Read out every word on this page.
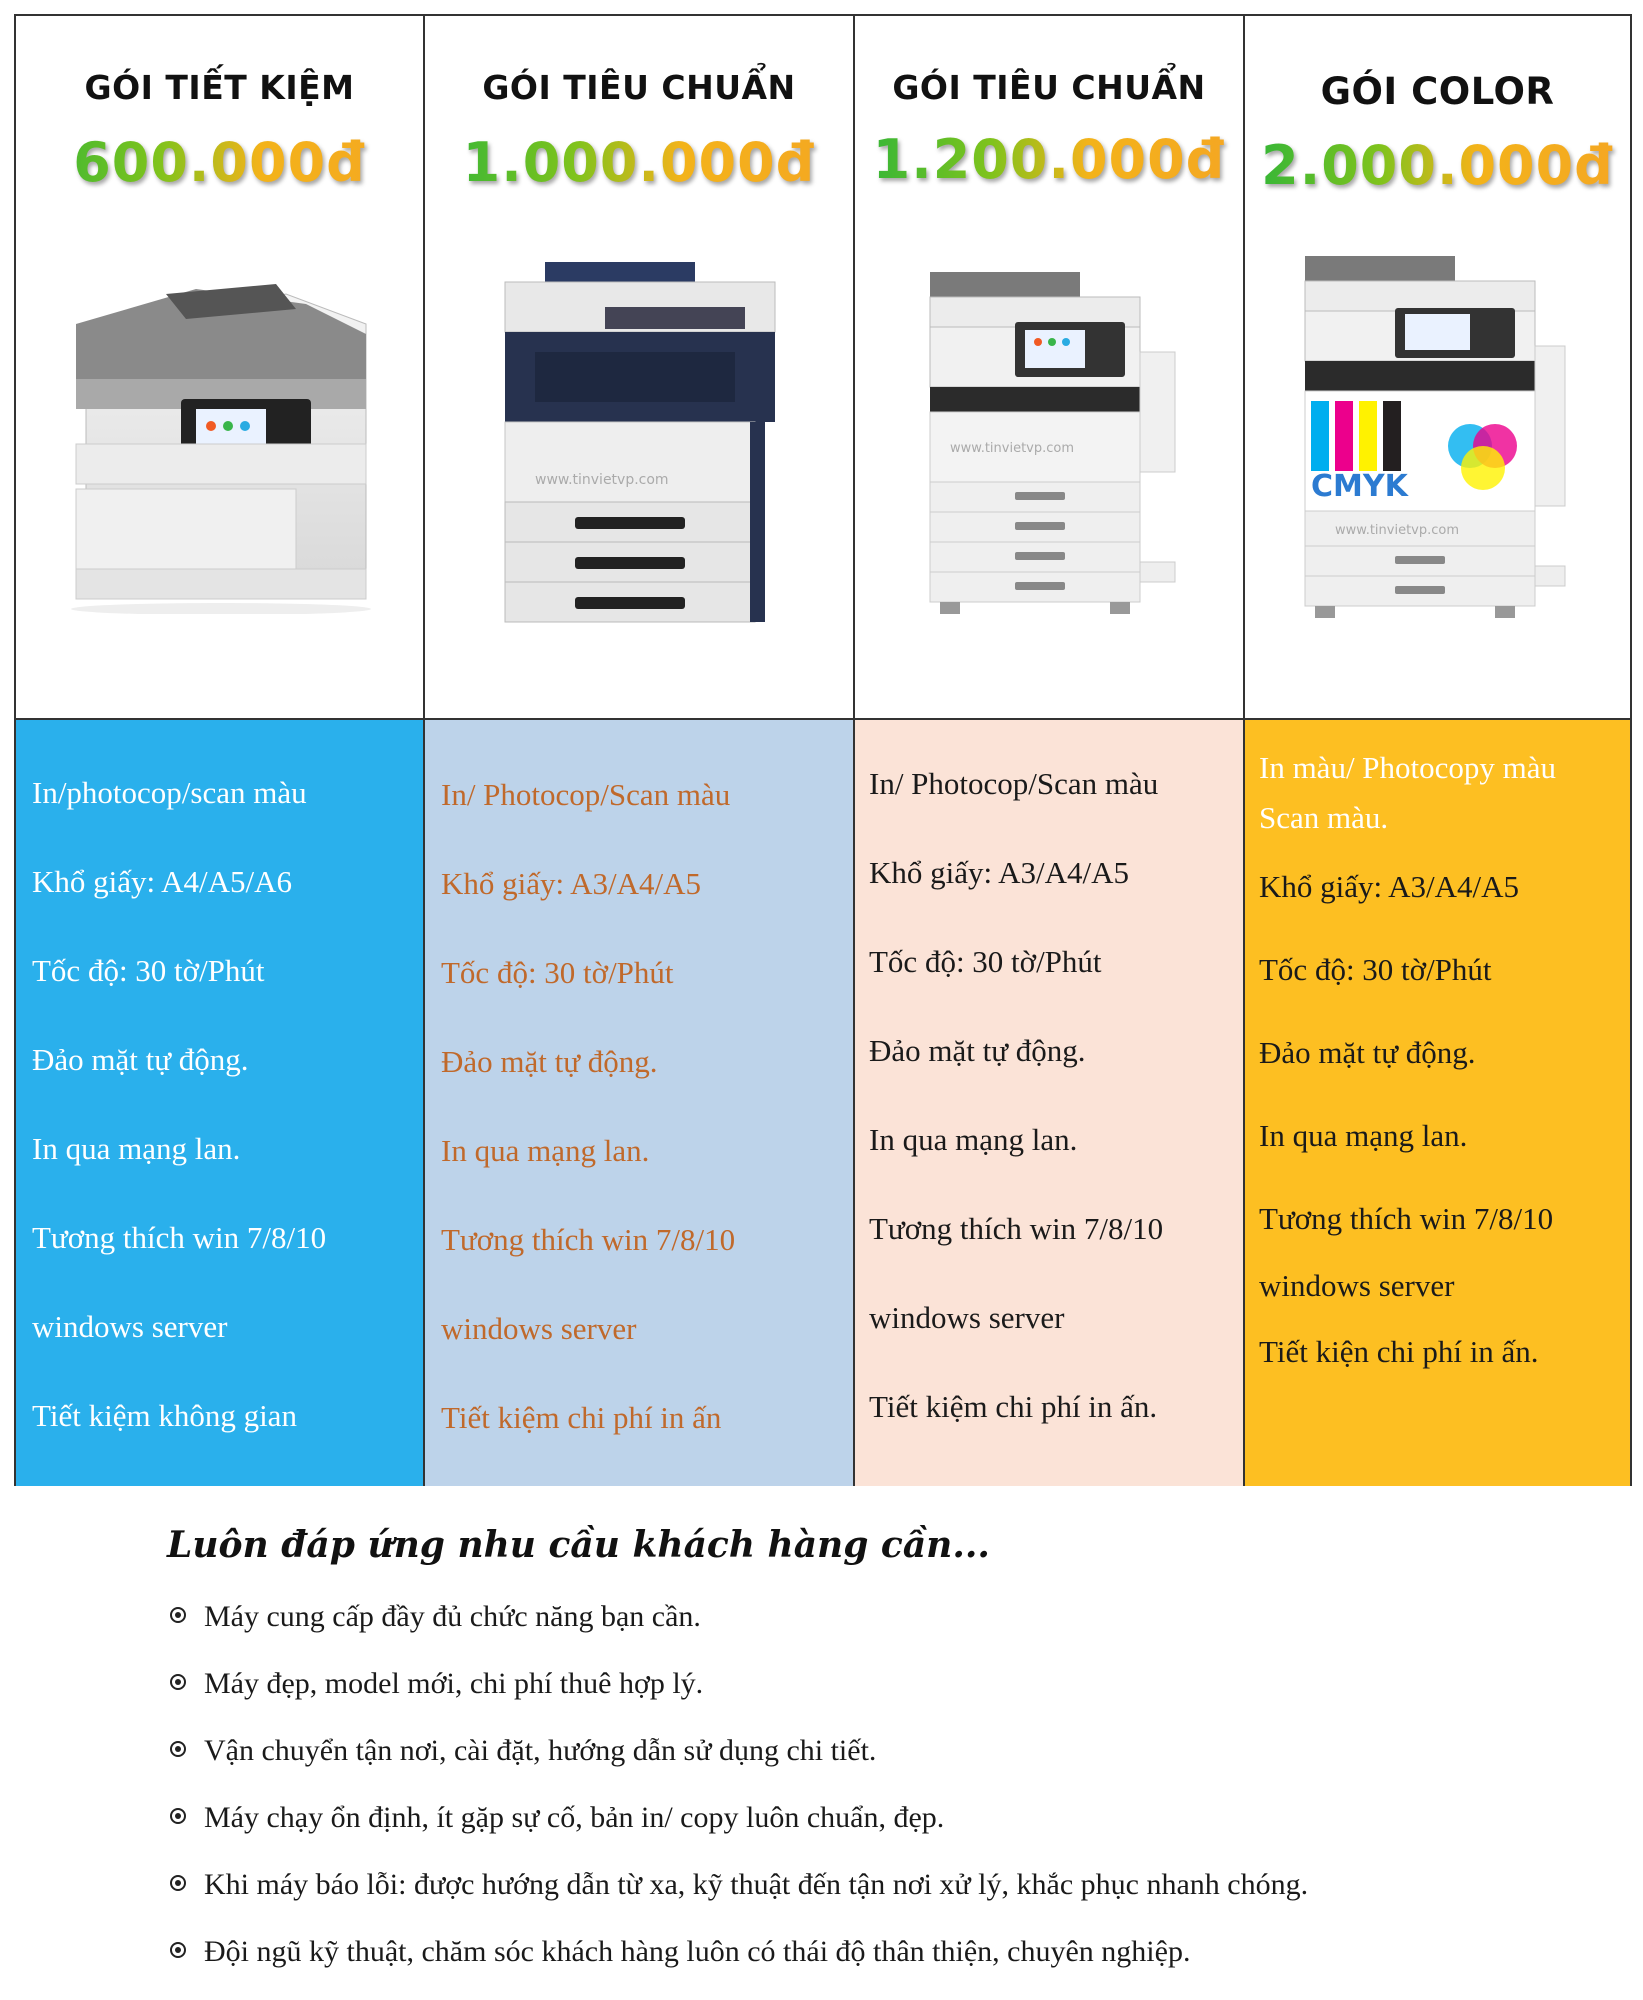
GÓI TIẾT KIỆM
600.000đ
In/photocop/scan màu
Khổ giấy: A4/A5/A6
Tốc độ: 30 tờ/Phút
Đảo mặt tự động.
In qua mạng lan.
Tương thích win 7/8/10
windows server
Tiết kiệm không gian
GÓI TIÊU CHUẨN
1.000.000đ
www.tinvietvp.com
In/ Photocop/Scan màu
Khổ giấy: A3/A4/A5
Tốc độ: 30 tờ/Phút
Đảo mặt tự động.
In qua mạng lan.
Tương thích win 7/8/10
windows server
Tiết kiệm chi phí in ấn
GÓI TIÊU CHUẨN
1.200.000đ
www.tinvietvp.com
In/ Photocop/Scan màu
Khổ giấy: A3/A4/A5
Tốc độ: 30 tờ/Phút
Đảo mặt tự động.
In qua mạng lan.
Tương thích win 7/8/10
windows server
Tiết kiệm chi phí in ấn.
GÓI COLOR
2.000.000đ
CMYK
www.tinvietvp.com
In màu/ Photocopy màu Scan màu.
Khổ giấy: A3/A4/A5
Tốc độ: 30 tờ/Phút
Đảo mặt tự động.
In qua mạng lan.
Tương thích win 7/8/10
windows server
Tiết kiện chi phí in ấn.
Luôn đáp ứng nhu cầu khách hàng cần...
Máy cung cấp đầy đủ chức năng bạn cần.
Máy đẹp, model mới, chi phí thuê hợp lý.
Vận chuyển tận nơi, cài đặt, hướng dẫn sử dụng chi tiết.
Máy chạy ổn định, ít gặp sự cố, bản in/ copy luôn chuẩn, đẹp.
Khi máy báo lỗi: được hướng dẫn từ xa, kỹ thuật đến tận nơi xử lý, khắc phục nhanh chóng.
Đội ngũ kỹ thuật, chăm sóc khách hàng luôn có thái độ thân thiện, chuyên nghiệp.
